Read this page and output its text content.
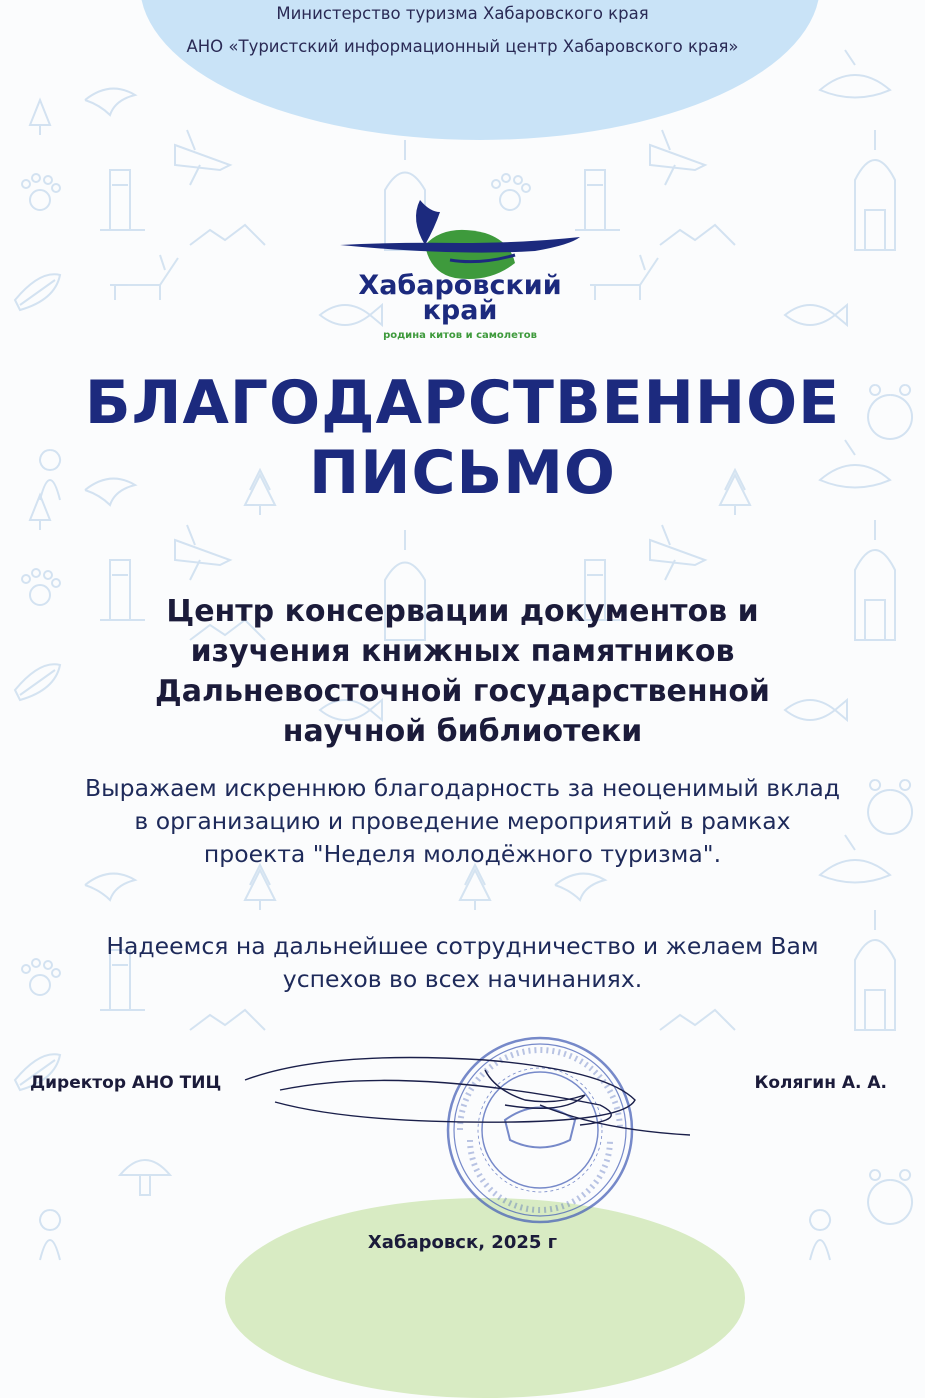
Министерство туризма Хабаровского края
АНО «Туристский информационный центр Хабаровского края»
Хабаровский
край
родина китов и самолетов
БЛАГОДАРСТВЕННОЕ
ПИСЬМО
Центр консервации документов и
изучения книжных памятников
Дальневосточной государственной
научной библиотеки
Выражаем искреннюю благодарность за неоценимый вклад
в организацию и проведение мероприятий в рамках
проекта "Неделя молодёжного туризма".
Надеемся на дальнейшее сотрудничество и желаем Вам
успехов во всех начинаниях.
Директор АНО ТИЦ	Колягин А. А.
Хабаровск, 2025 г
